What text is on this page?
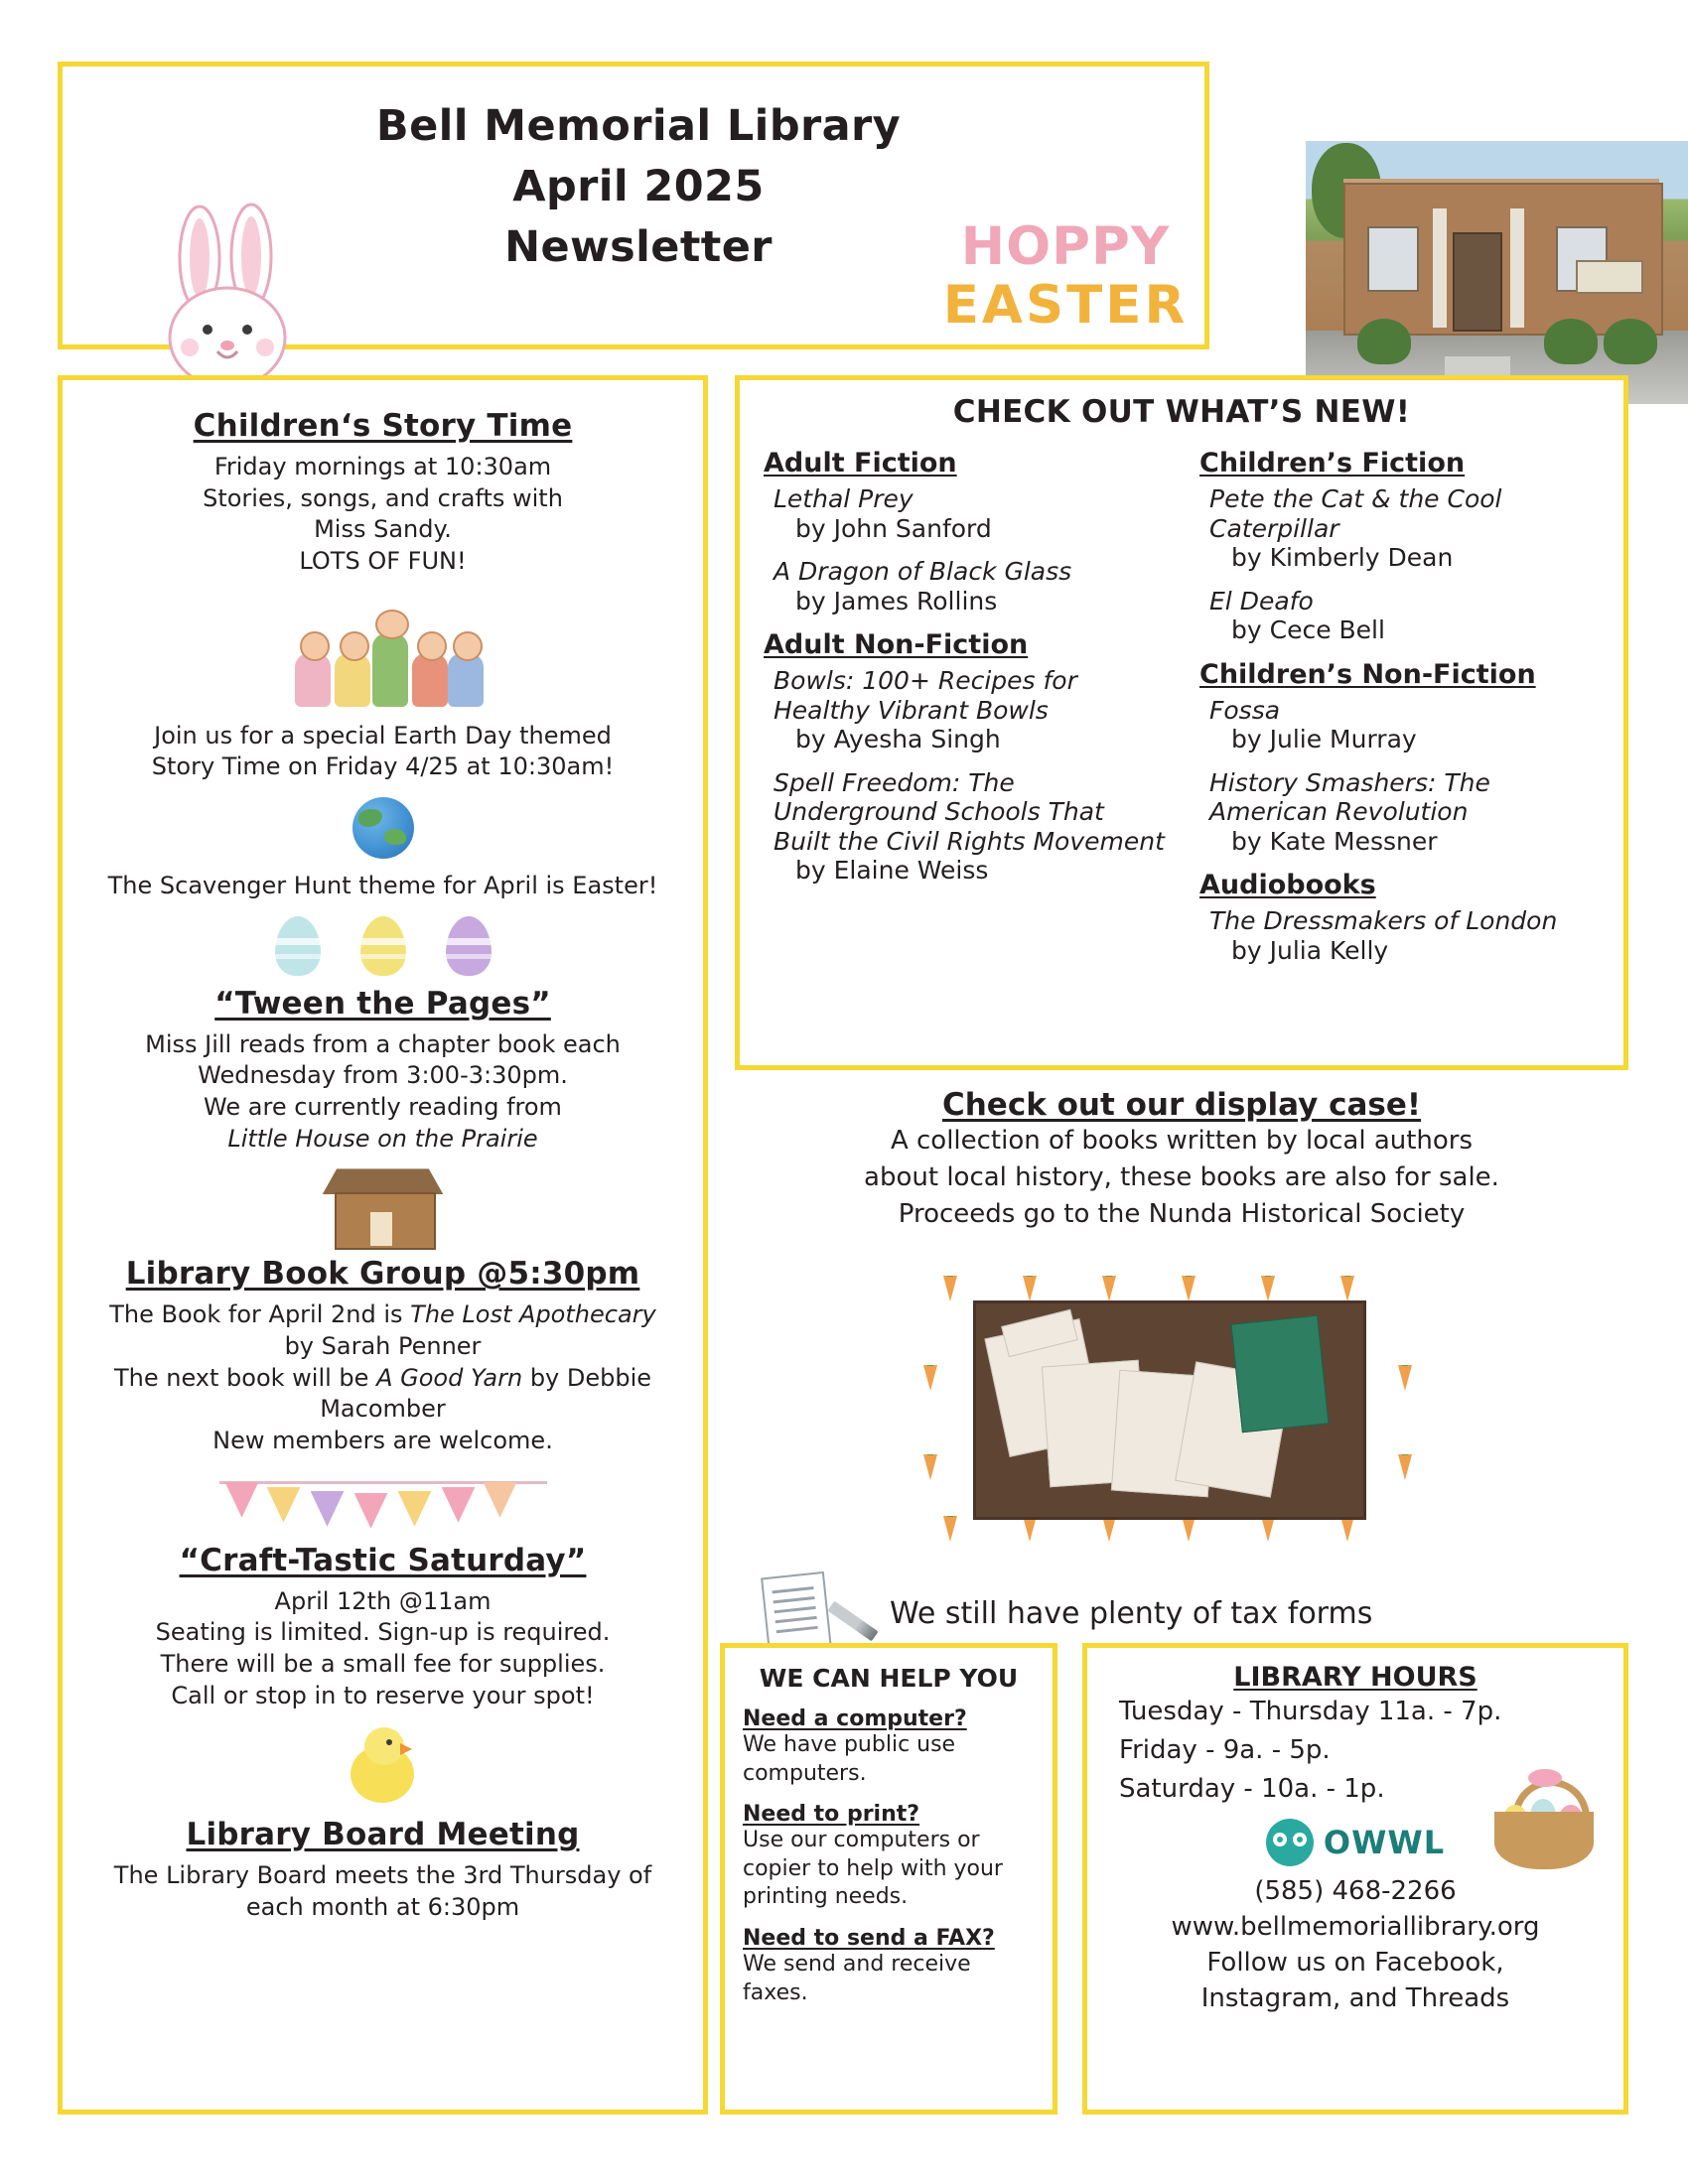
Bell Memorial Library
April 2025
Newsletter	HOPPY
EASTER
Children‘s Story Time
Friday mornings at 10:30am
Stories, songs, and crafts with
Miss Sandy.
LOTS OF FUN!
Join us for a special Earth Day themed
Story Time on Friday 4/25 at 10:30am!
The Scavenger Hunt theme for April is Easter!
“Tween the Pages”
Miss Jill reads from a chapter book each
Wednesday from 3:00-3:30pm.
We are currently reading from
Little House on the Prairie
Library Book Group @5:30pm
The Book for April 2nd is The Lost Apothecary
by Sarah Penner
The next book will be A Good Yarn by Debbie
Macomber
New members are welcome.
“Craft-Tastic Saturday”
April 12th @11am
Seating is limited. Sign-up is required.
There will be a small fee for supplies.
Call or stop in to reserve your spot!
Library Board Meeting
The Library Board meets the 3rd Thursday of
each month at 6:30pm
CHECK OUT WHAT’S NEW!
Adult Fiction
Lethal Prey
by John Sanford
A Dragon of Black Glass
by James Rollins
Adult Non-Fiction
Bowls: 100+ Recipes for Healthy Vibrant Bowls
by Ayesha Singh
Spell Freedom: The Underground Schools That Built the Civil Rights Movement
by Elaine Weiss
Children’s Fiction
Pete the Cat & the Cool Caterpillar
by Kimberly Dean
El Deafo
by Cece Bell
Children’s Non-Fiction
Fossa
by Julie Murray
History Smashers: The American Revolution
by Kate Messner
Audiobooks
The Dressmakers of London
by Julia Kelly
Check out our display case!
A collection of books written by local authors
about local history, these books are also for sale.
Proceeds go to the Nunda Historical Society
We still have plenty of tax forms
WE CAN HELP YOU
Need a computer?
We have public use computers.
Need to print?
Use our computers or copier to help with your printing needs.
Need to send a FAX?
We send and receive faxes.
LIBRARY HOURS
Tuesday - Thursday 11a. - 7p.
Friday - 9a. - 5p.
Saturday - 10a. - 1p.
OWWL
(585) 468-2266
www.bellmemoriallibrary.org
Follow us on Facebook,
Instagram, and Threads
